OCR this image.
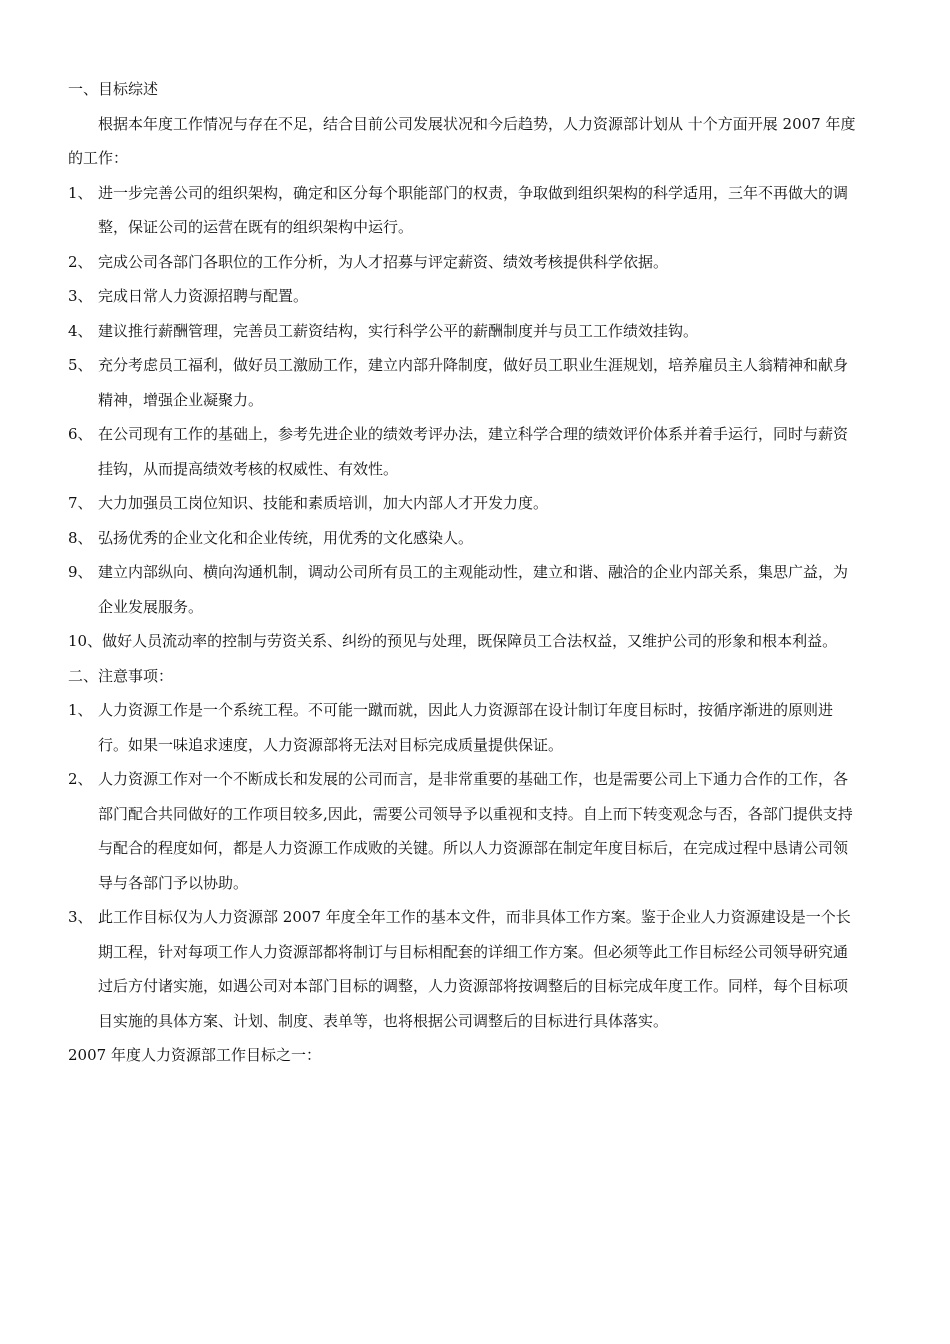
一、目标综述

根据本年度工作情况与存在不足，结合目前公司发展状况和今后趋势，人力资源部计划从 十个方面开展 2007 年度的工作：

1、 进一步完善公司的组织架构，确定和区分每个职能部门的权责，争取做到组织架构的科学适用，三年不再做大的调整，保证公司的运营在既有的组织架构中运行。
2、 完成公司各部门各职位的工作分析，为人才招募与评定薪资、绩效考核提供科学依据。
3、 完成日常人力资源招聘与配置。
4、 建议推行薪酬管理，完善员工薪资结构，实行科学公平的薪酬制度并与员工工作绩效挂钩。
5、 充分考虑员工福利，做好员工激励工作，建立内部升降制度，做好员工职业生涯规划，培养雇员主人翁精神和献身精神，增强企业凝聚力。
6、 在公司现有工作的基础上，参考先进企业的绩效考评办法，建立科学合理的绩效评价体系并着手运行，同时与薪资挂钩，从而提高绩效考核的权威性、有效性。
7、 大力加强员工岗位知识、技能和素质培训，加大内部人才开发力度。
8、 弘扬优秀的企业文化和企业传统，用优秀的文化感染人。
9、 建立内部纵向、横向沟通机制，调动公司所有员工的主观能动性，建立和谐、融洽的企业内部关系，集思广益，为企业发展服务。
10、做好人员流动率的控制与劳资关系、纠纷的预见与处理，既保障员工合法权益，又维护公司的形象和根本利益。

二、注意事项：

1、 人力资源工作是一个系统工程。不可能一蹴而就，因此人力资源部在设计制订年度目标时，按循序渐进的原则进行。如果一味追求速度，人力资源部将无法对目标完成质量提供保证。
2、 人力资源工作对一个不断成长和发展的公司而言，是非常重要的基础工作，也是需要公司上下通力合作的工作，各部门配合共同做好的工作项目较多,因此，需要公司领导予以重视和支持。自上而下转变观念与否，各部门提供支持与配合的程度如何，都是人力资源工作成败的关键。所以人力资源部在制定年度目标后，在完成过程中恳请公司领导与各部门予以协助。
3、 此工作目标仅为人力资源部 2007 年度全年工作的基本文件，而非具体工作方案。鉴于企业人力资源建设是一个长期工程，针对每项工作人力资源部都将制订与目标相配套的详细工作方案。但必须等此工作目标经公司领导研究通过后方付诸实施，如遇公司对本部门目标的调整，人力资源部将按调整后的目标完成年度工作。同样，每个目标项目实施的具体方案、计划、制度、表单等，也将根据公司调整后的目标进行具体落实。

2007 年度人力资源部工作目标之一：
